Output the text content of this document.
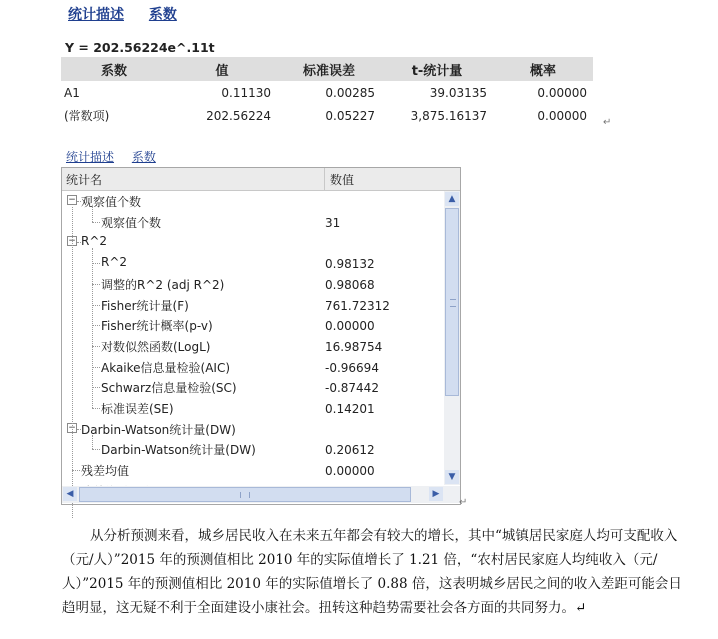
统计描述 系数
Y = 202.56224e^.11t
系数	值	标准误差	t-统计量	概率
A1	0.11130	0.00285	39.03135	0.00000
(常数项)	202.56224	0.05227	3,875.16137	0.00000 ↵
统计描述 系数
统计名	数值
− 观察值个数
观察值个数	31
− R^2
R^2	0.98132
调整的R^2 (adj R^2)	0.98068
Fisher统计量(F)	761.72312
Fisher统计概率(p-v)	0.00000
对数似然函数(LogL)	16.98754
Akaike信息量检验(AIC)	-0.96694
Schwarz信息量检验(SC)	-0.87442
标准误差(SE)	0.14201
− Darbin-Watson统计量(DW)
Darbin-Watson统计量(DW)	0.20612
残差均值	0.00000
▲
▼
◀	▶
↵

从分析预测来看，城乡居民收入在未来五年都会有较大的增长，其中“城镇居民家庭人均可支配收入（元/人）”2015 年的预测值相比 2010 年的实际值增长了 1.21 倍，“农村居民家庭人均纯收入（元/人）”2015 年的预测值相比 2010 年的实际值增长了 0.88 倍，这表明城乡居民之间的收入差距可能会日趋明显，这无疑不利于全面建设小康社会。扭转这种趋势需要社会各方面的共同努力。↵
